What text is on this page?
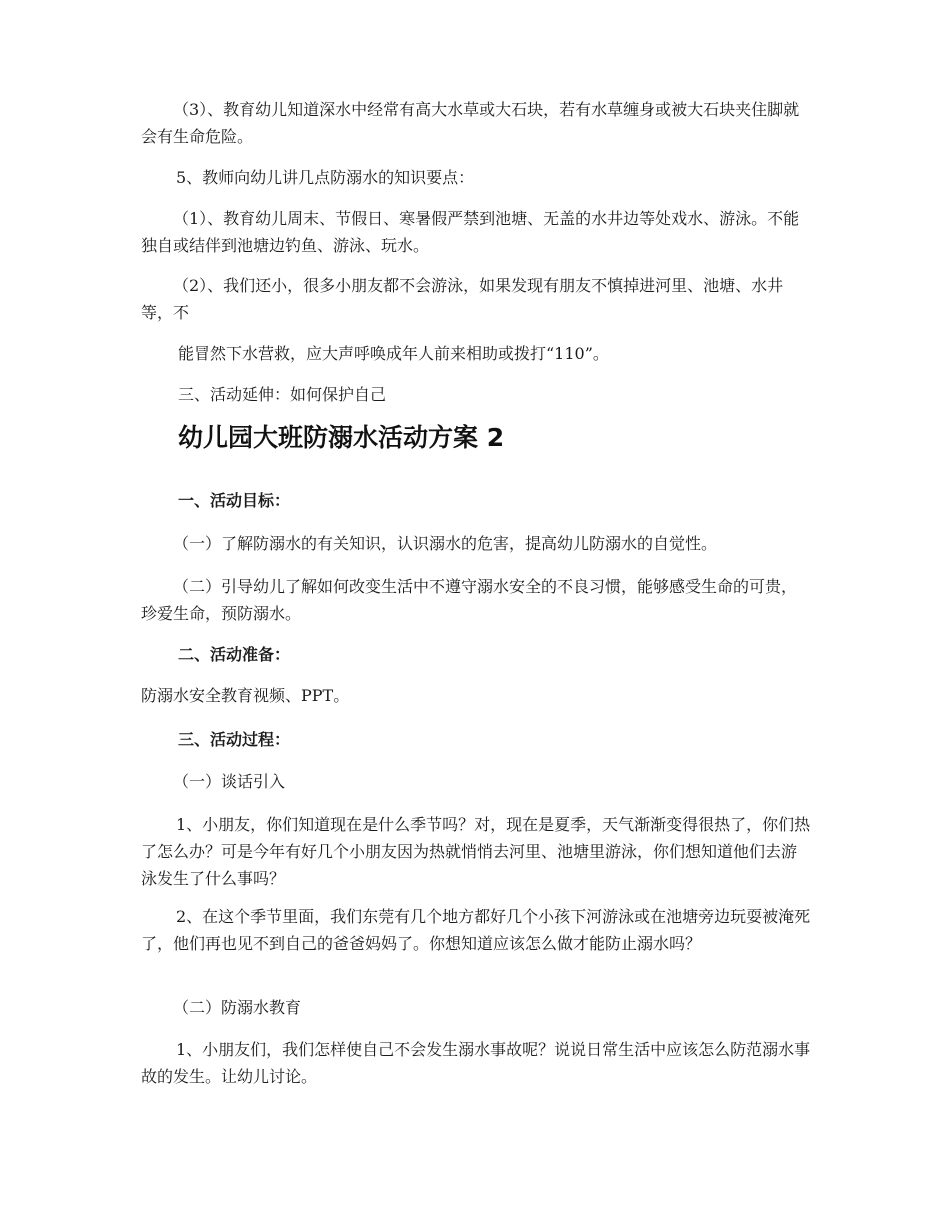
（3）、教育幼儿知道深水中经常有高大水草或大石块，若有水草缠身或被大石块夹住脚就会有生命危险。

5、教师向幼儿讲几点防溺水的知识要点：

（1）、教育幼儿周末、节假日、寒暑假严禁到池塘、无盖的水井边等处戏水、游泳。不能独自或结伴到池塘边钓鱼、游泳、玩水。

（2）、我们还小，很多小朋友都不会游泳，如果发现有朋友不慎掉进河里、池塘、水井等，不

能冒然下水营救，应大声呼唤成年人前来相助或拨打“110”。

三、活动延伸：如何保护自己

幼儿园大班防溺水活动方案 2

一、活动目标：

（一）了解防溺水的有关知识，认识溺水的危害，提高幼儿防溺水的自觉性。

（二）引导幼儿了解如何改变生活中不遵守溺水安全的不良习惯，能够感受生命的可贵，珍爱生命，预防溺水。

二、活动准备：

防溺水安全教育视频、PPT。

三、活动过程：

（一）谈话引入

1、小朋友，你们知道现在是什么季节吗？对，现在是夏季，天气渐渐变得很热了，你们热了怎么办？可是今年有好几个小朋友因为热就悄悄去河里、池塘里游泳，你们想知道他们去游泳发生了什么事吗？

2、在这个季节里面，我们东莞有几个地方都好几个小孩下河游泳或在池塘旁边玩耍被淹死了，他们再也见不到自己的爸爸妈妈了。你想知道应该怎么做才能防止溺水吗？

（二）防溺水教育

1、小朋友们，我们怎样使自己不会发生溺水事故呢？说说日常生活中应该怎么防范溺水事故的发生。让幼儿讨论。
